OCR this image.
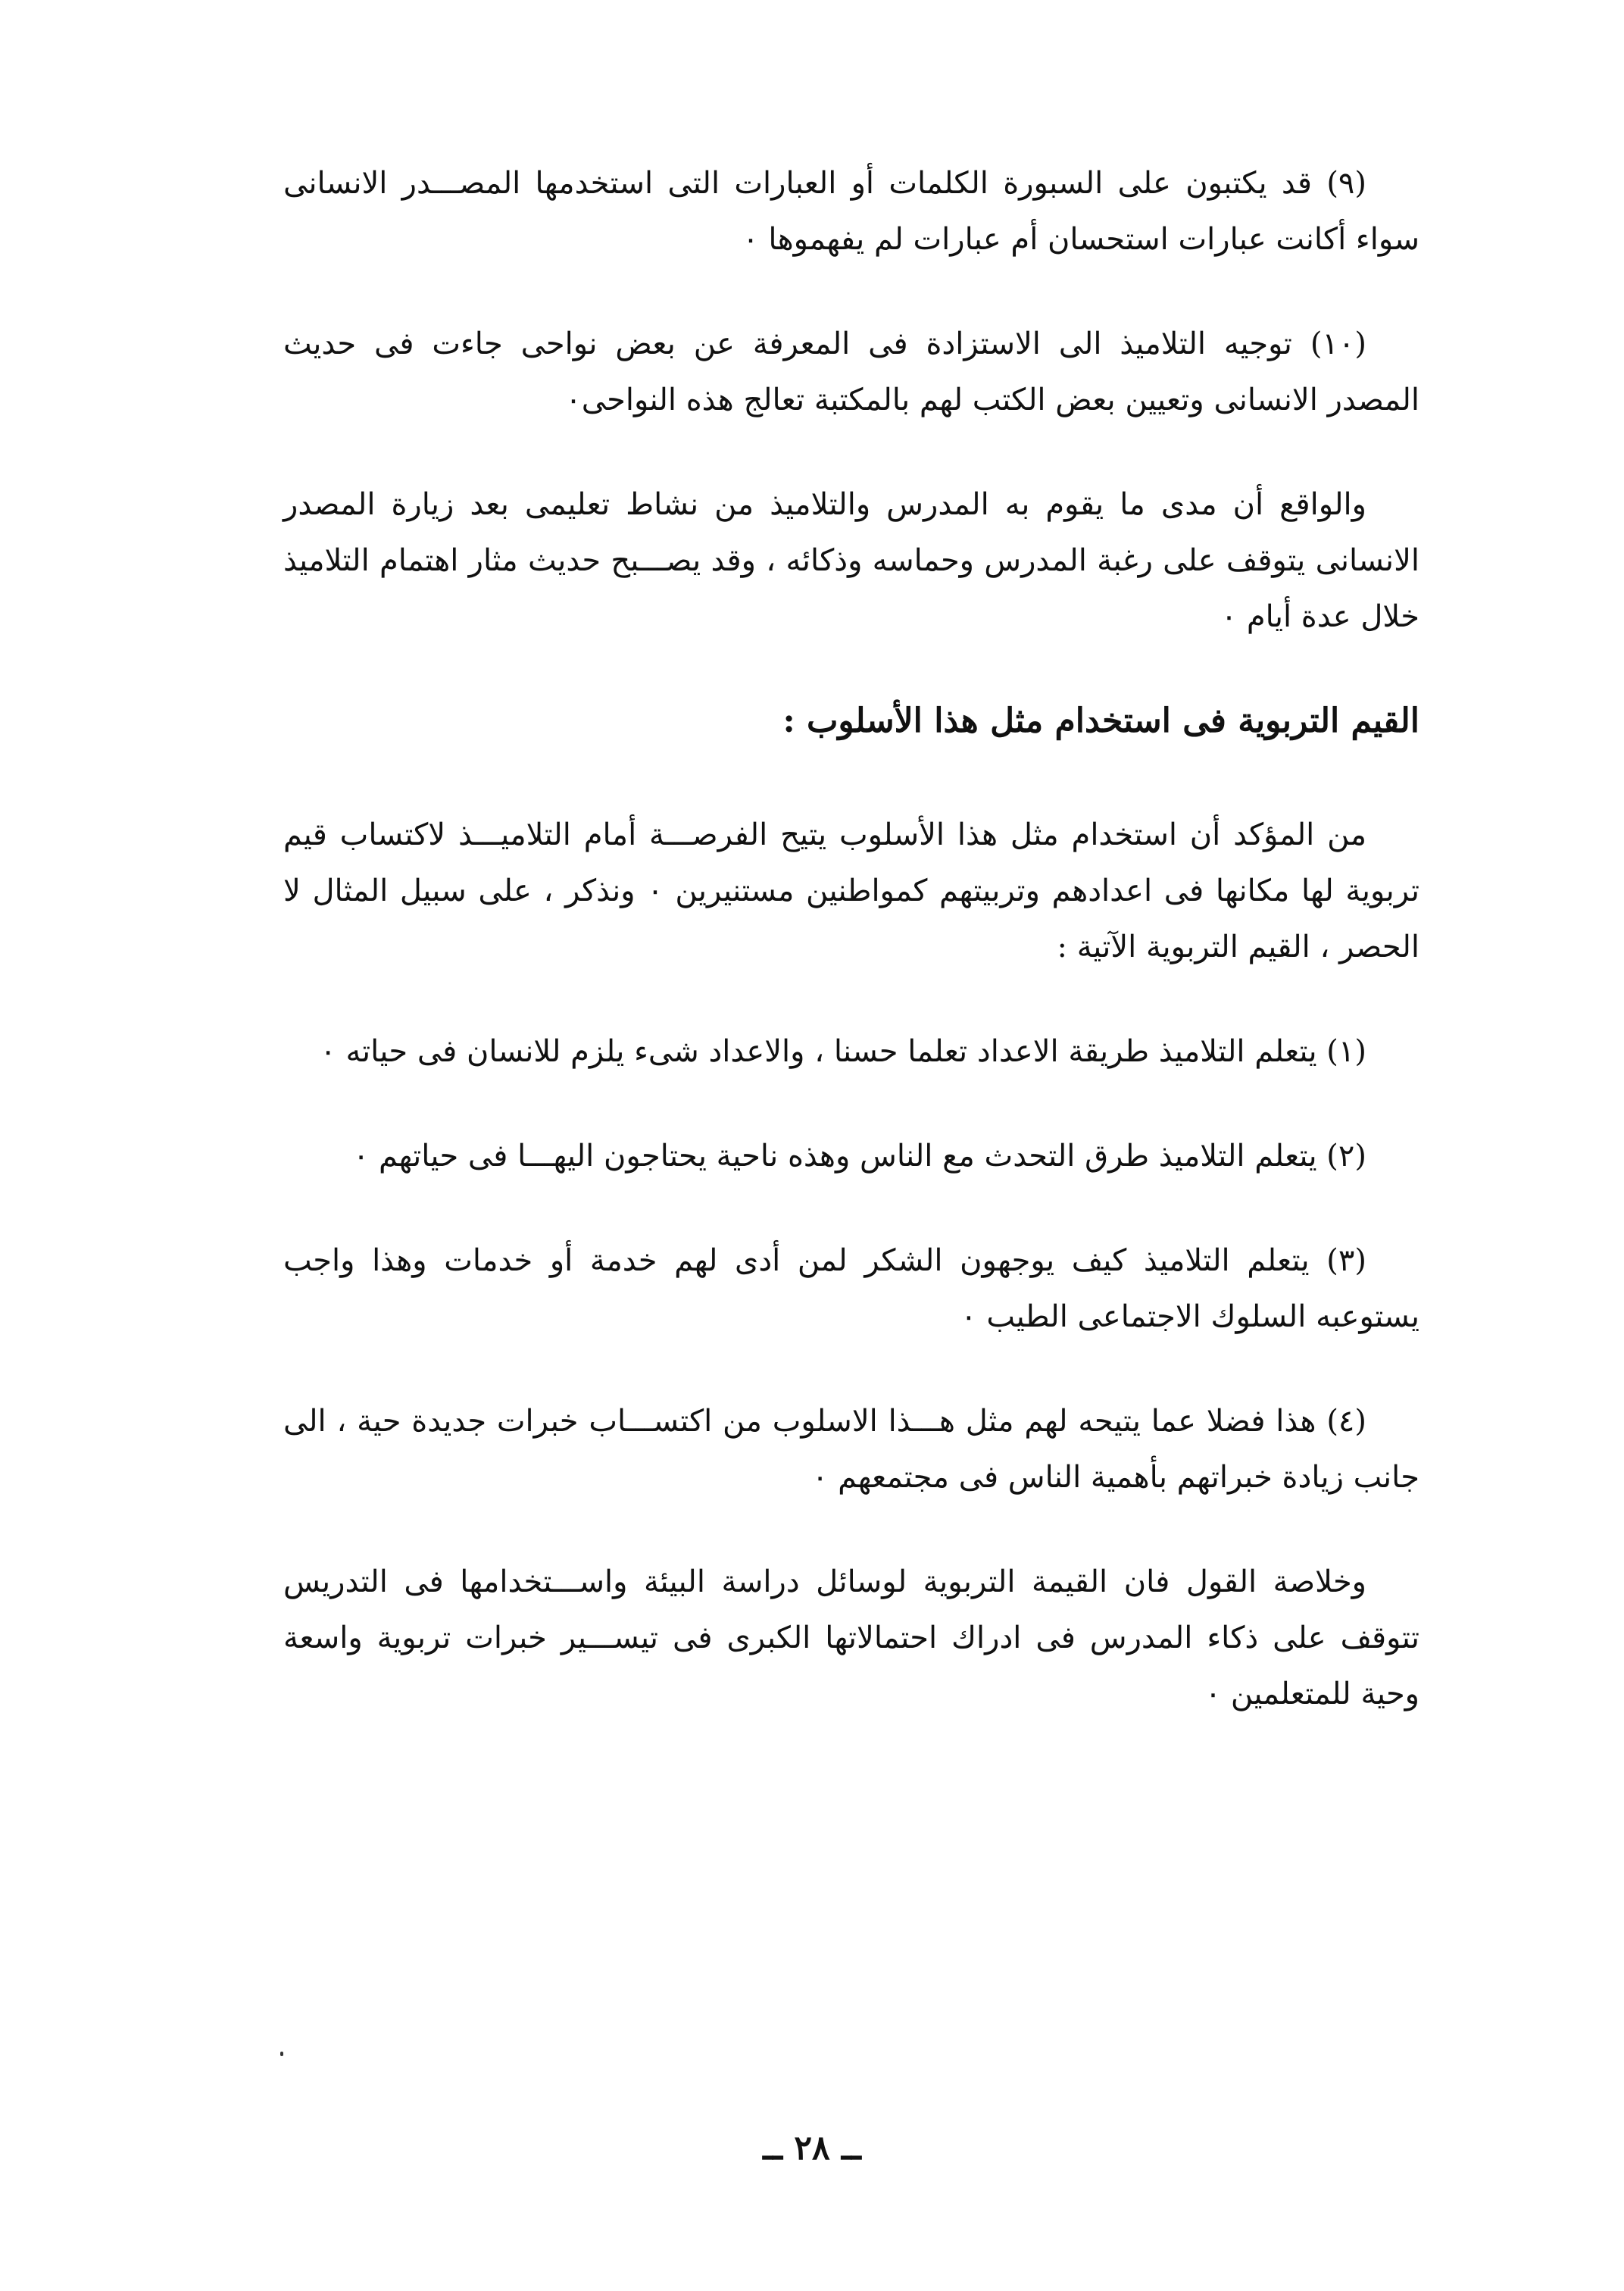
(٩) قد يكتبون على السبورة الكلمات أو العبارات التى استخدمها المصـــدر الانسانى سواء أكانت عبارات استحسان أم عبارات لم يفهموها ٠

(١٠) توجيه التلاميذ الى الاستزادة فى المعرفة عن بعض نواحى جاءت فى حديث المصدر الانسانى وتعيين بعض الكتب لهم بالمكتبة تعالج هذه النواحى٠

والواقع أن مدى ما يقوم به المدرس والتلاميذ من نشاط تعليمى بعد زيارة المصدر الانسانى يتوقف على رغبة المدرس وحماسه وذكائه ، وقد يصـــبح حديث مثار اهتمام التلاميذ خلال عدة أيام ٠

القيم التربوية فى استخدام مثل هذا الأسلوب :

من المؤكد أن استخدام مثل هذا الأسلوب يتيح الفرصـــة أمام التلاميـــذ لاكتساب قيم تربوية لها مكانها فى اعدادهم وتربيتهم كمواطنين مستنيرين ٠ ونذكر ، على سبيل المثال لا الحصر ، القيم التربوية الآتية :

(١) يتعلم التلاميذ طريقة الاعداد تعلما حسنا ، والاعداد شىء يلزم للانسان فى حياته ٠

(٢) يتعلم التلاميذ طرق التحدث مع الناس وهذه ناحية يحتاجون اليهـــا فى حياتهم ٠

(٣) يتعلم التلاميذ كيف يوجهون الشكر لمن أدى لهم خدمة أو خدمات وهذا واجب يستوعبه السلوك الاجتماعى الطيب ٠

(٤) هذا فضلا عما يتيحه لهم مثل هـــذا الاسلوب من اكتســـاب خبرات جديدة حية ، الى جانب زيادة خبراتهم بأهمية الناس فى مجتمعهم ٠

وخلاصة القول فان القيمة التربوية لوسائل دراسة البيئة واســـتخدامها فى التدريس تتوقف على ذكاء المدرس فى ادراك احتمالاتها الكبرى فى تيســـير خبرات تربوية واسعة وحية للمتعلمين ٠

ــ ٢٨ ــ
